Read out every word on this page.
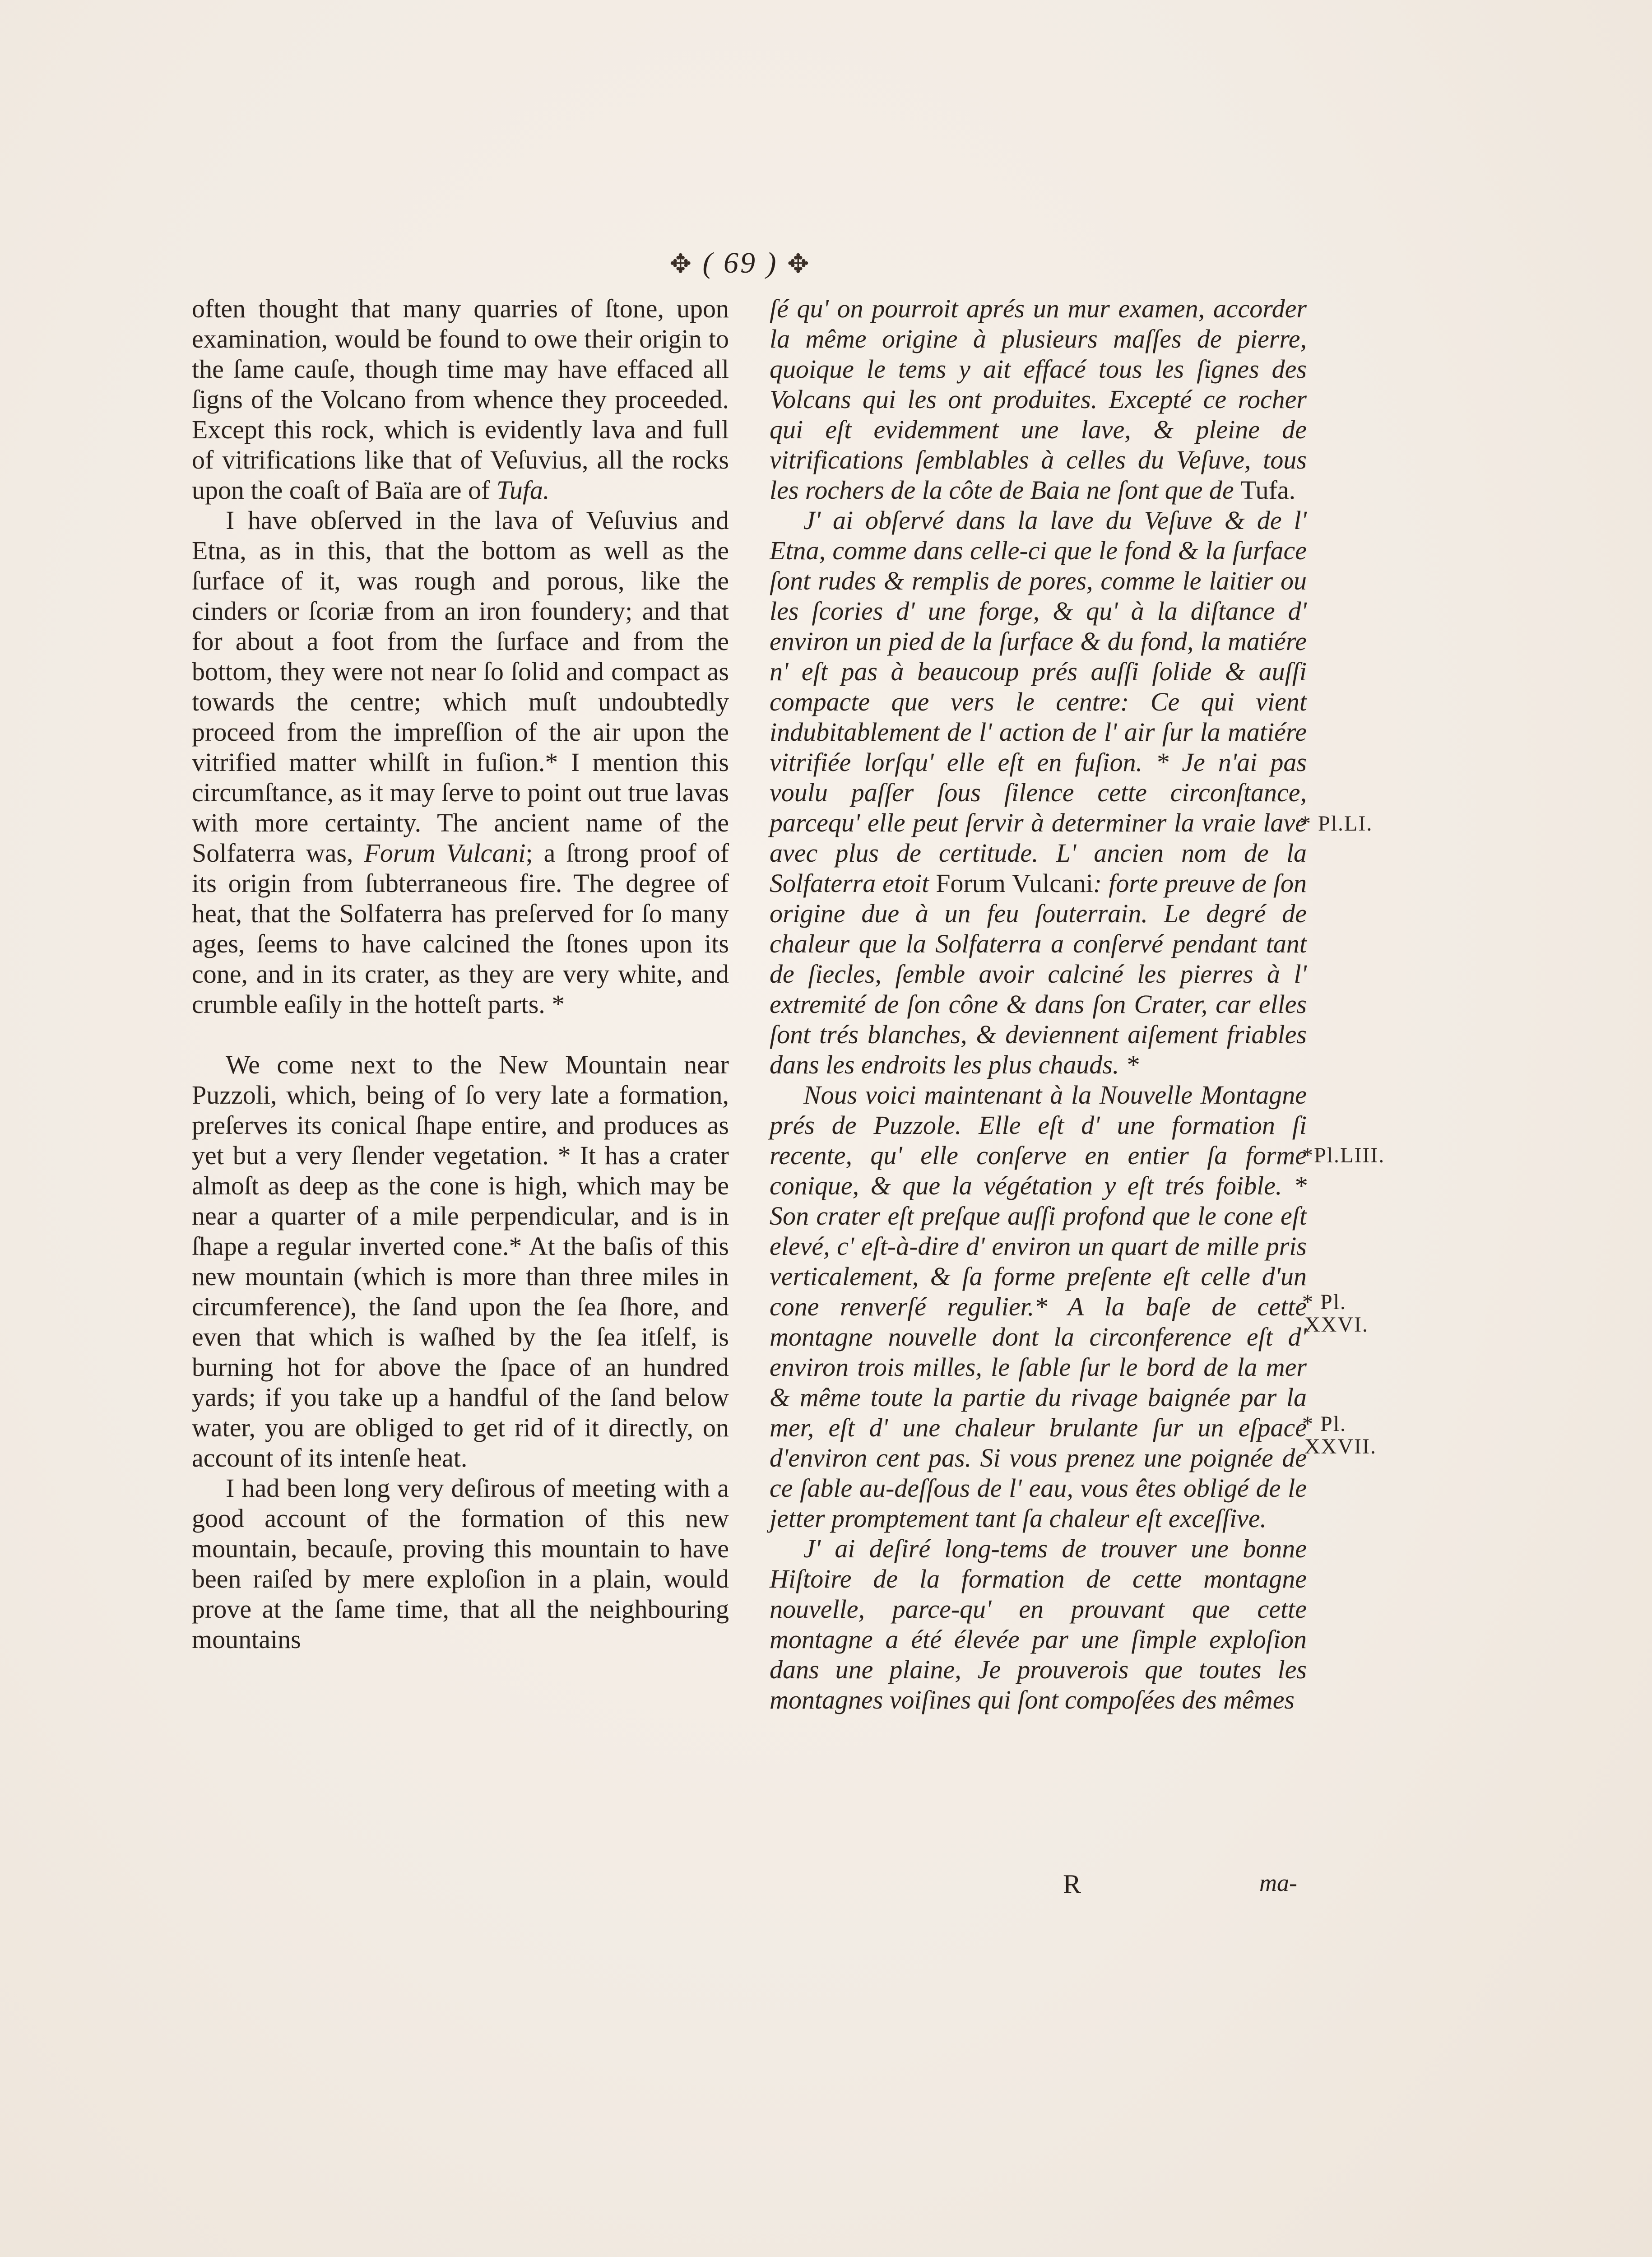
✥ ( 69 ) ✥

often thought that many quarries of ſtone, upon examination, would be found to owe their origin to the ſame cauſe, though time may have effaced all ſigns of the Volcano from whence they proceeded. Except this rock, which is evidently lava and full of vitrifications like that of Veſuvius, all the rocks upon the coaſt of Baïa are of Tufa.

I have obſerved in the lava of Veſuvius and Etna, as in this, that the bottom as well as the ſurface of it, was rough and porous, like the cinders or ſcoriæ from an iron foundery; and that for about a foot from the ſurface and from the bottom, they were not near ſo ſolid and compact as towards the centre; which muſt undoubtedly proceed from the impreſſion of the air upon the vitrified matter whilſt in fuſion.* I mention this circumſtance, as it may ſerve to point out true lavas with more certainty. The ancient name of the Solfaterra was, Forum Vulcani; a ſtrong proof of its origin from ſubterraneous fire. The degree of heat, that the Solfaterra has preſerved for ſo many ages, ſeems to have calcined the ſtones upon its cone, and in its crater, as they are very white, and crumble eaſily in the hotteſt parts. *

We come next to the New Mountain near Puzzoli, which, being of ſo very late a formation, preſerves its conical ſhape entire, and produces as yet but a very ſlender vegetation. * It has a crater almoſt as deep as the cone is high, which may be near a quarter of a mile perpendicular, and is in ſhape a regular inverted cone.* At the baſis of this new mountain (which is more than three miles in circumference), the ſand upon the ſea ſhore, and even that which is waſhed by the ſea itſelf, is burning hot for above the ſpace of an hundred yards; if you take up a handful of the ſand below water, you are obliged to get rid of it directly, on account of its intenſe heat.

I had been long very deſirous of meeting with a good account of the formation of this new mountain, becauſe, proving this mountain to have been raiſed by mere exploſion in a plain, would prove at the ſame time, that all the neighbouring mountains

ſé qu' on pourroit aprés un mur examen, accorder la même origine à plusieurs maſſes de pierre, quoique le tems y ait effacé tous les ſignes des Volcans qui les ont produites. Excepté ce rocher qui eſt evidemment une lave, & pleine de vitrifications ſemblables à celles du Veſuve, tous les rochers de la côte de Baia ne ſont que de Tufa.

J' ai obſervé dans la lave du Veſuve & de l' Etna, comme dans celle-ci que le fond & la ſurface ſont rudes & remplis de pores, comme le laitier ou les ſcories d' une forge, & qu' à la diſtance d' environ un pied de la ſurface & du fond, la matiére n' eſt pas à beaucoup prés auſſi ſolide & auſſi compacte que vers le centre: Ce qui vient indubitablement de l' action de l' air ſur la matiére vitrifiée lorſqu' elle eſt en fuſion. * Je n'ai pas voulu paſſer ſous ſilence cette circonſtance, parcequ' elle peut ſervir à determiner la vraie lave avec plus de certitude. L' ancien nom de la Solfaterra etoit Forum Vulcani: forte preuve de ſon origine due à un feu ſouterrain. Le degré de chaleur que la Solfaterra a conſervé pendant tant de ſiecles, ſemble avoir calciné les pierres à l' extremité de ſon cône & dans ſon Crater, car elles ſont trés blanches, & deviennent aiſement friables dans les endroits les plus chauds. *

Nous voici maintenant à la Nouvelle Montagne prés de Puzzole. Elle eſt d' une formation ſi recente, qu' elle conſerve en entier ſa forme conique, & que la végétation y eſt trés foible. * Son crater eſt preſque auſſi profond que le cone eſt elevé, c' eſt-à-dire d' environ un quart de mille pris verticalement, & ſa forme preſente eſt celle d'un cone renverſé regulier.* A la baſe de cette montagne nouvelle dont la circonference eſt d' environ trois milles, le ſable ſur le bord de la mer & même toute la partie du rivage baignée par la mer, eſt d' une chaleur brulante ſur un eſpace d'environ cent pas. Si vous prenez une poignée de ce ſable au-deſſous de l' eau, vous êtes obligé de le jetter promptement tant ſa chaleur eſt exceſſive.

J' ai deſiré long-tems de trouver une bonne Hiſtoire de la formation de cette montagne nouvelle, parce-qu' en prouvant que cette montagne a été élevée par une ſimple exploſion dans une plaine, Je prouverois que toutes les montagnes voiſines qui ſont compoſées des mêmes

* Pl.LI.
*Pl.LIII.
* Pl.
XXVI.
* Pl.
XXVII.
R	ma-
